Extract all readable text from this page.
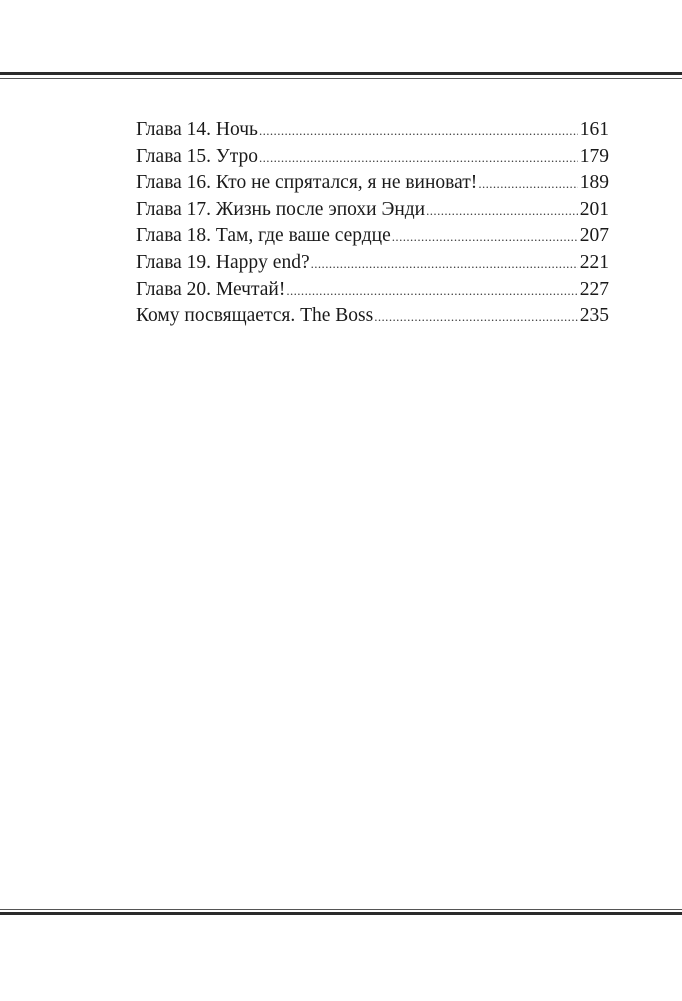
Глава 14. Ночь .....	161
Глава 15. Утро .....	179
Глава 16. Кто не спрятался, я не виноват! .....	189
Глава 17. Жизнь после эпохи Энди .....	201
Глава 18. Там, где ваше сердце .....	207
Глава 19. Happy end? .....	221
Глава 20. Мечтай! .....	227
Кому посвящается. The Boss .....	235
